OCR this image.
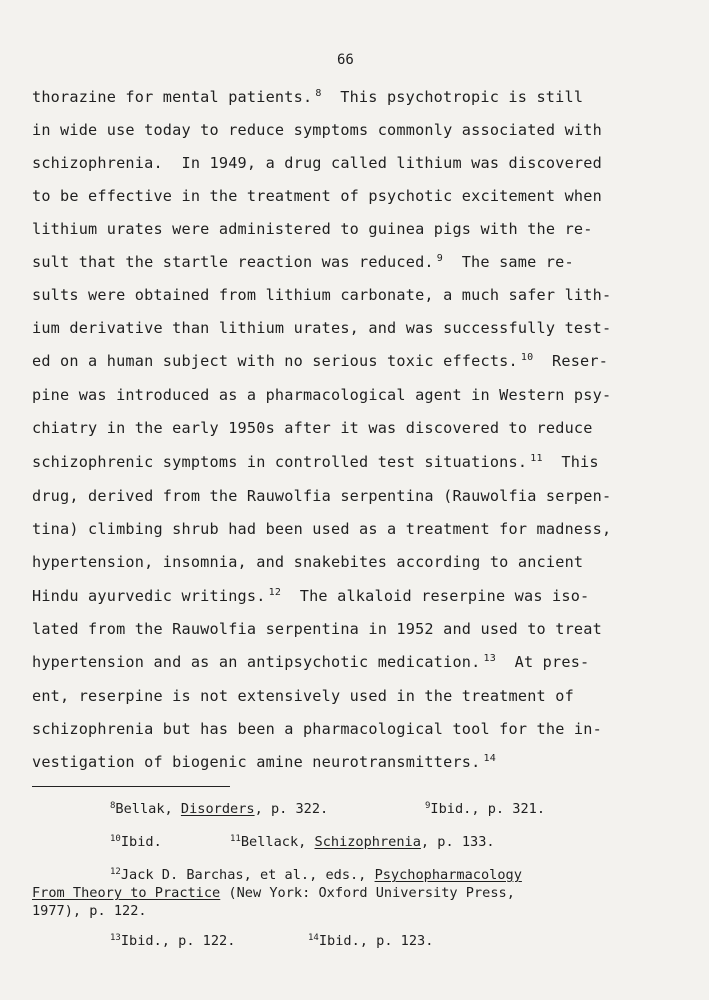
66
thorazine for mental patients. $^8$ This psychotropic is still
in wide use today to reduce symptoms commonly associated with
schizophrenia.  In 1949, a drug called lithium was discovered
to be effective in the treatment of psychotic excitement when
lithium urates were administered to guinea pigs with the re-
sult that the startle reaction was reduced. $^9$ The same re-
sults were obtained from lithium carbonate, a much safer lith-
ium derivative than lithium urates, and was successfully test-
ed on a human subject with no serious toxic effects. $^{10}$ Reser-
pine was introduced as a pharmacological agent in Western psy-
chiatry in the early 1950s after it was discovered to reduce
schizophrenic symptoms in controlled test situations. $^{11}$ This
drug, derived from the Rauwolfia serpentina (Rauwolfia serpen-
tina) climbing shrub had been used as a treatment for madness,
hypertension, insomnia, and snakebites according to ancient
Hindu ayurvedic writings. $^{12}$ The alkaloid reserpine was iso-
lated from the Rauwolfia serpentina in 1952 and used to treat
hypertension and as an antipsychotic medication. $^{13}$ At pres-
ent, reserpine is not extensively used in the treatment of
schizophrenia but has been a pharmacological tool for the in-
vestigation of biogenic amine neurotransmitters. $^{14}$
$^8$Bellak, Disorders, p. 322.	$^9$Ibid., p. 321.
$^{10}$Ibid.	$^{11}$Bellack, Schizophrenia, p. 133.
$^{12}$Jack D. Barchas, et al., eds., Psychopharmacology
From Theory to Practice (New York: Oxford University Press,
1977), p. 122.
$^{13}$Ibid., p. 122.	$^{14}$Ibid., p. 123.
